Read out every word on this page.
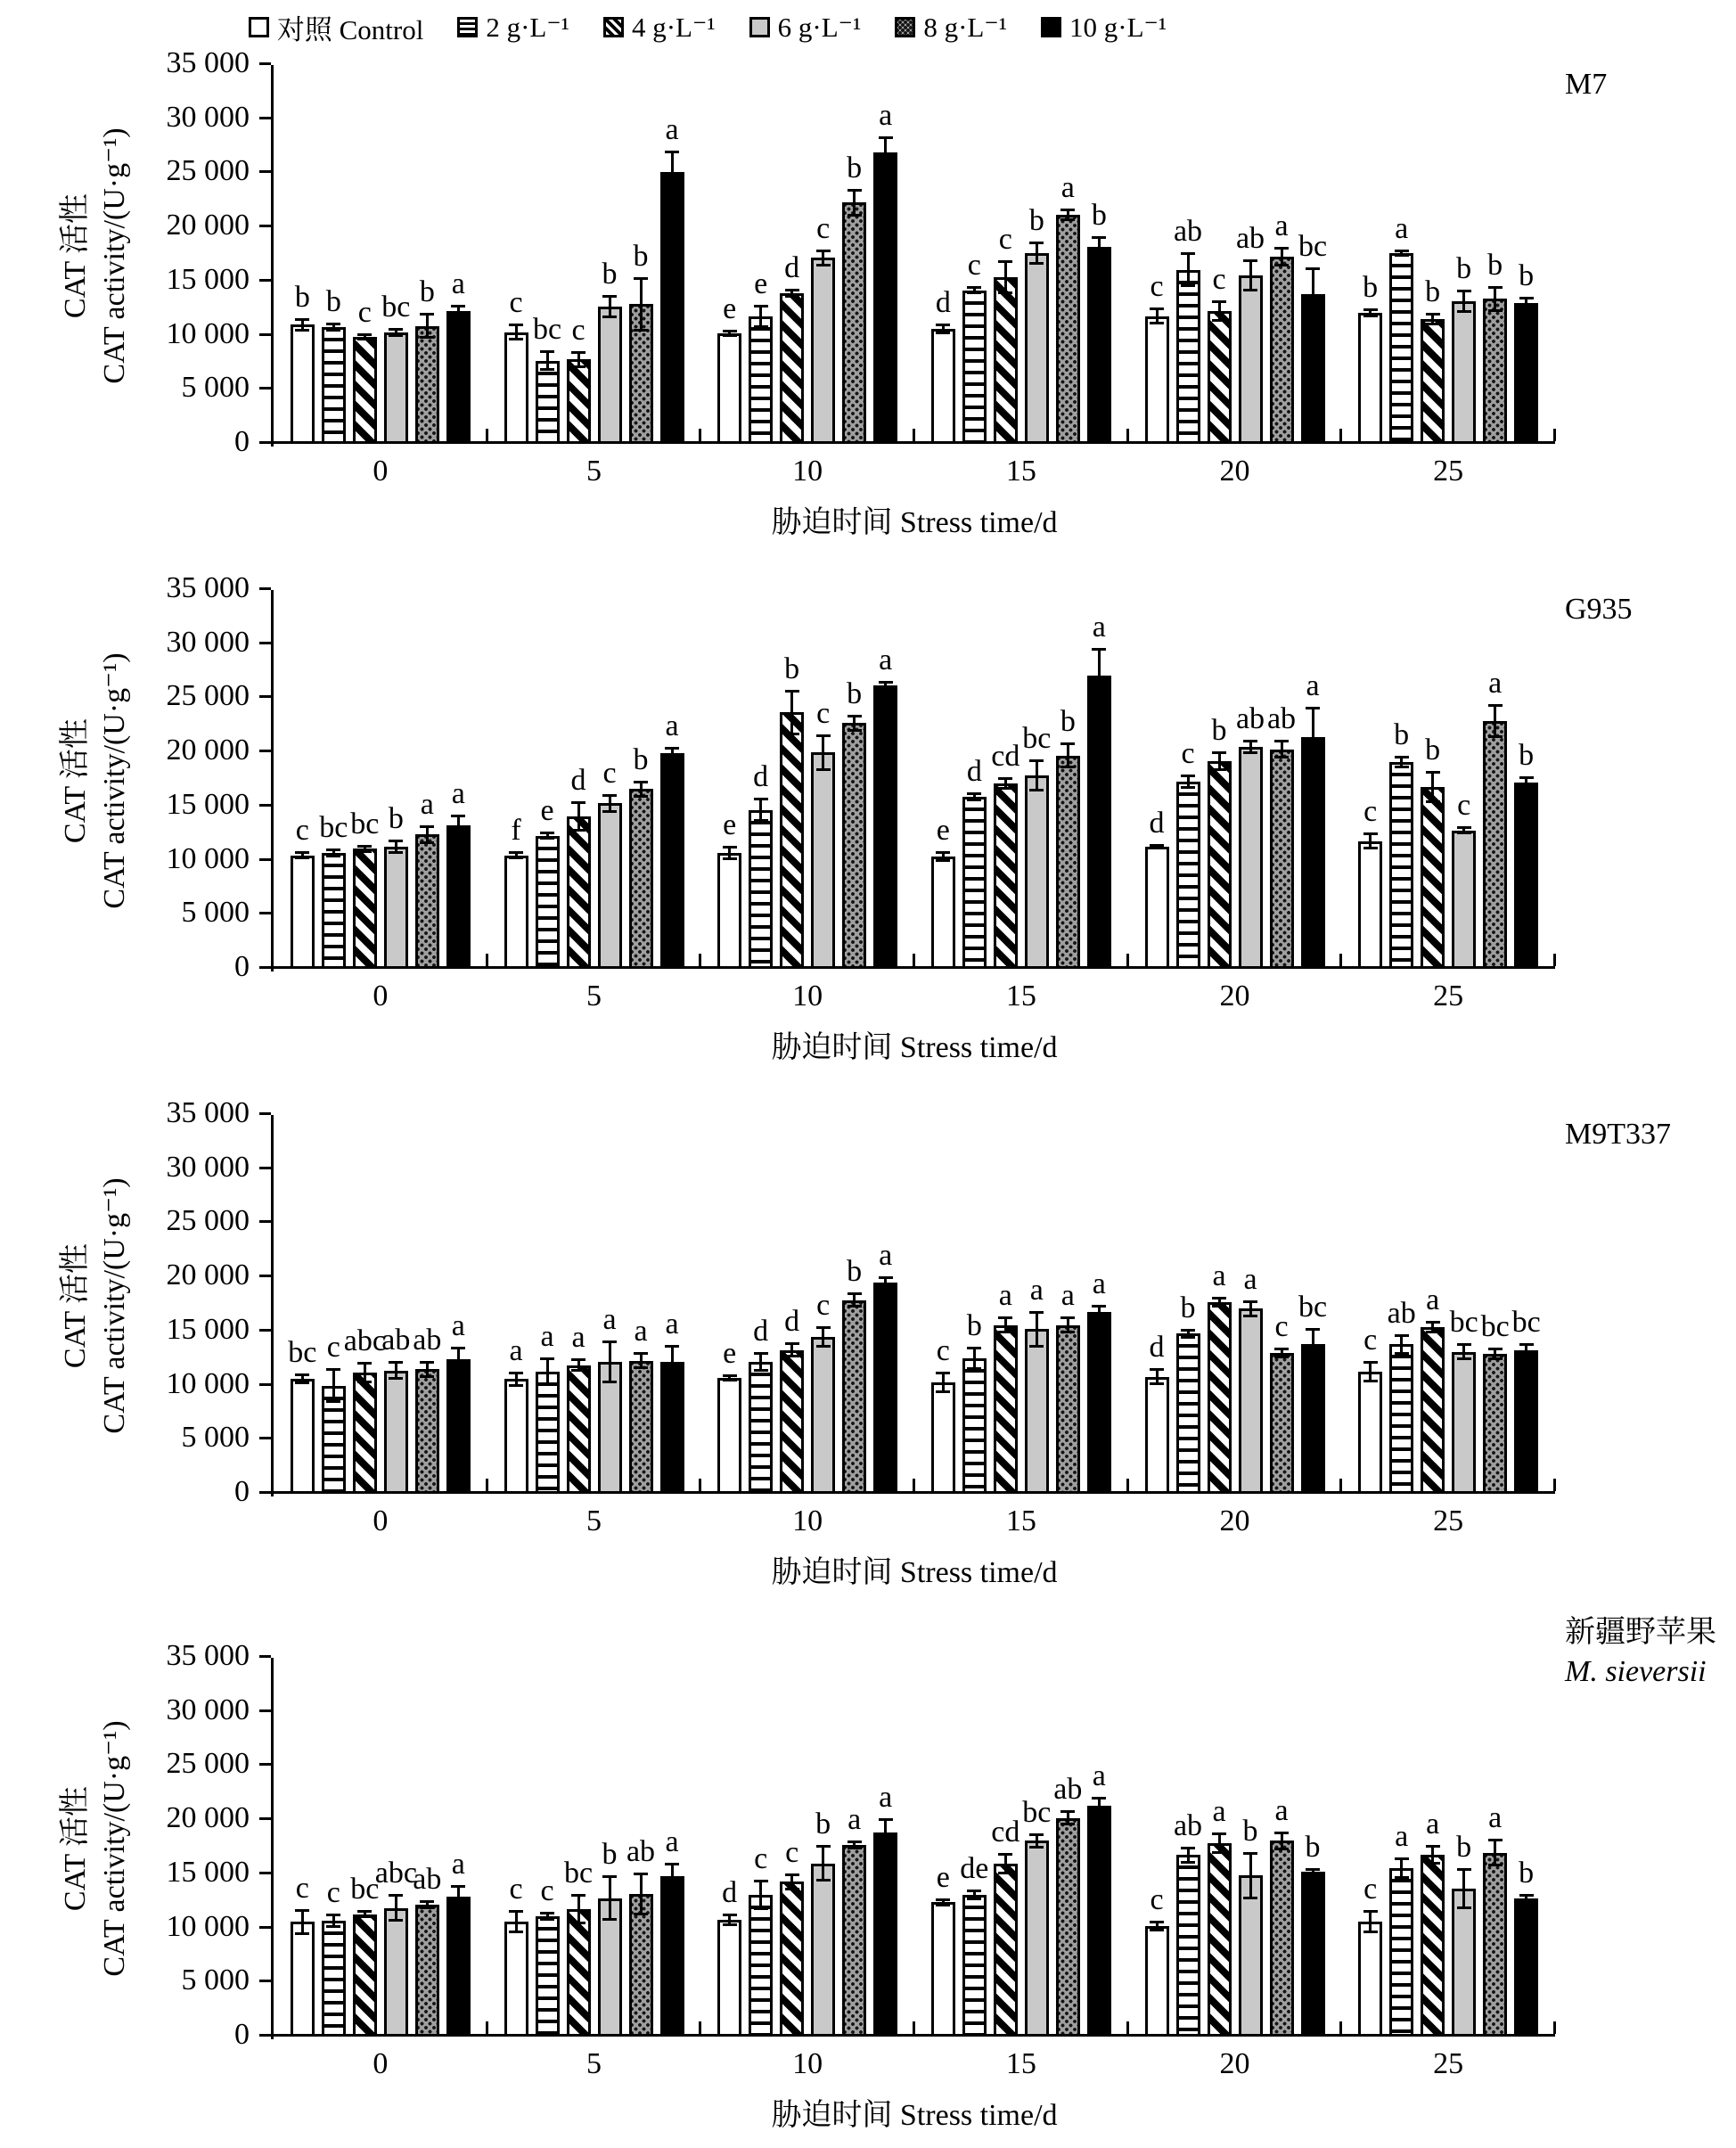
对照 Control 2 g·L⁻¹ 4 g·L⁻¹ 6 g·L⁻¹ 8 g·L⁻¹ 10 g·L⁻¹
CAT 活性 CAT activity/(U·g⁻¹)
0
5 000
10 000
15 000
20 000
25 000
30 000
35 000
b b c bc b a
c
bc c
b
b
a
e
e d
c
b
a
d
c
c
b
a
b
c
ab
c
ab a
bc
b
a
b
b b b
0	5	10	15	20	25
胁迫时间 Stress time/d
M7
CAT 活性 CAT activity/(U·g⁻¹)
0
5 000
10 000
15 000
20 000
25 000
30 000
35 000
c bc bc b a a
f
e
d c b
a
e
d
b
c
b
a
e
d cd
bc b
a
d
c
b ab ab
a
c
b b
c
a
b
0	5	10	15	20	25
胁迫时间 Stress time/d
G935
CAT 活性 CAT activity/(U·g⁻¹)
0
5 000
10 000
15 000
20 000
25 000
30 000
35 000
bc c abc
ab ab a
a a a
a a a
e
d d c
b a
c
b
a a a a
d
b
a a
c
bc
c
ab a
bc bc bc
0	5	10	15	20	25
胁迫时间 Stress time/d
M9T337
CAT 活性 CAT activity/(U·g⁻¹)
0
5 000
10 000
15 000
20 000
25 000
30 000
35 000
c c bc
abc
ab a
c c
bc
b ab a
d
c c
b a
a
e de
cd
bc
ab a
c
ab a
b
a
b
c
a a
b
a
b
0	5	10	15	20	25
胁迫时间 Stress time/d
新疆野苹果
M. sieversii
